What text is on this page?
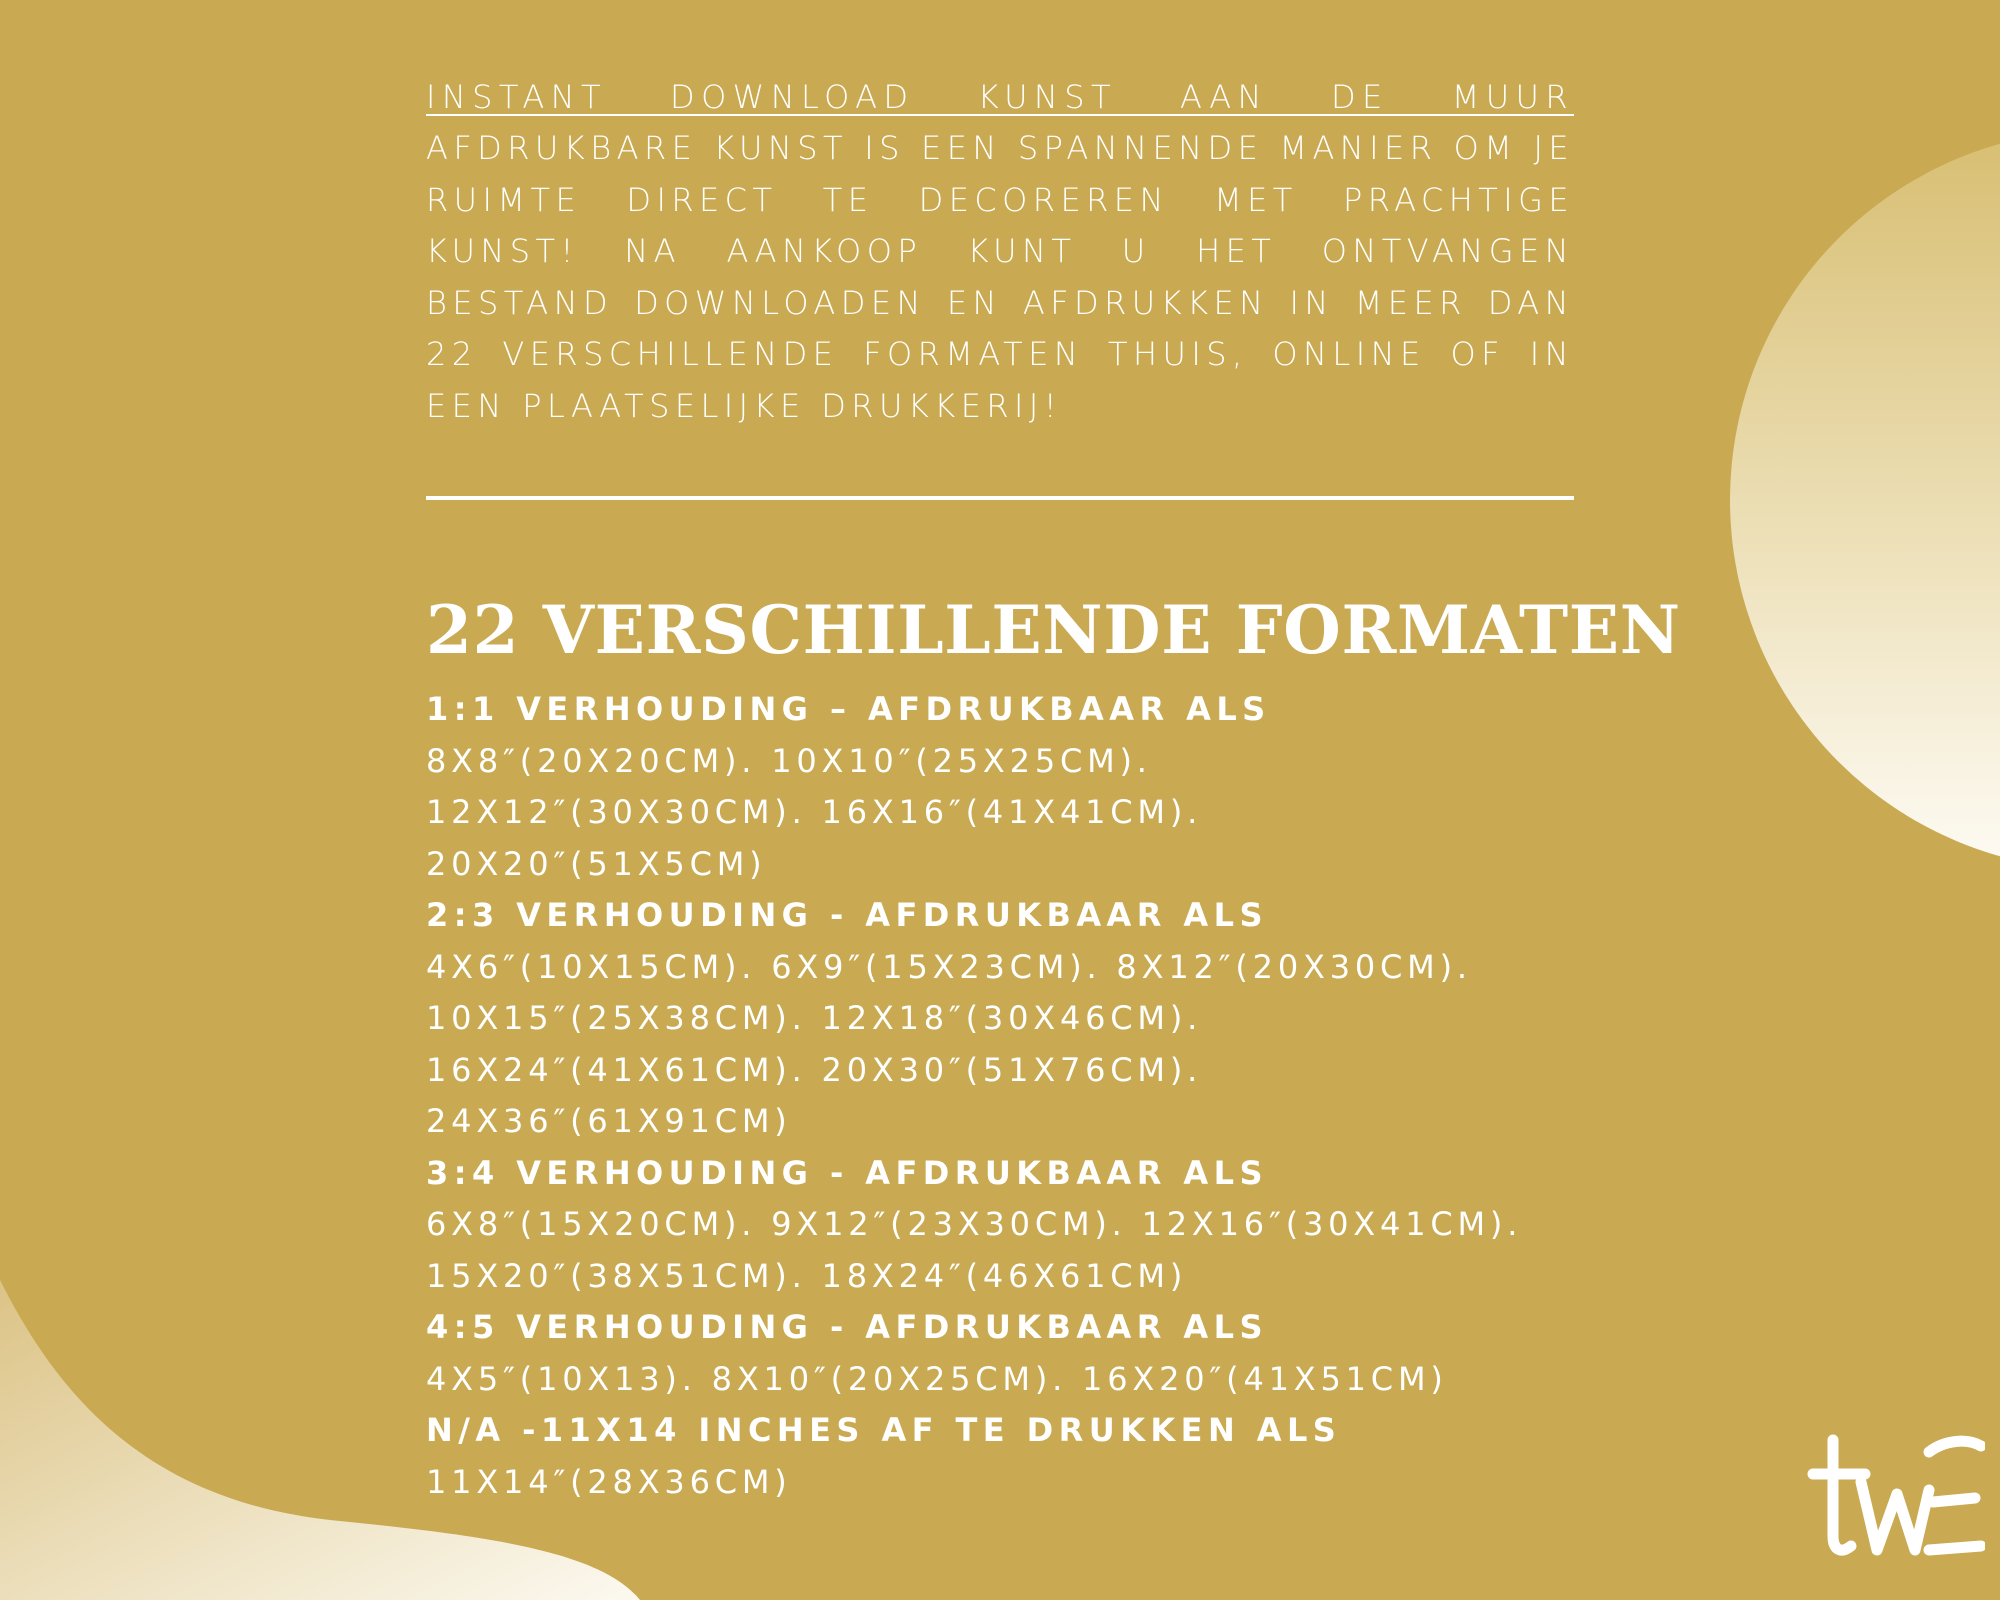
INSTANT DOWNLOAD KUNST AAN DE MUUR
AFDRUKBARE KUNST IS EEN SPANNENDE MANIER OM JE RUIMTE DIRECT TE DECOREREN MET PRACHTIGE KUNST! NA AANKOOP KUNT U HET ONTVANGEN BESTAND DOWNLOADEN EN AFDRUKKEN IN MEER DAN 22 VERSCHILLENDE FORMATEN THUIS, ONLINE OF IN EEN PLAATSELIJKE DRUKKERIJ!
22 VERSCHILLENDE FORMATEN
1:1 VERHOUDING – AFDRUKBAAR ALS
8X8″(20X20CM). 10X10″(25X25CM).
12X12″(30X30CM). 16X16″(41X41CM).
20X20″(51X5CM)
2:3 VERHOUDING - AFDRUKBAAR ALS
4X6″(10X15CM). 6X9″(15X23CM). 8X12″(20X30CM).
10X15″(25X38CM). 12X18″(30X46CM).
16X24″(41X61CM). 20X30″(51X76CM).
24X36″(61X91CM)
3:4 VERHOUDING - AFDRUKBAAR ALS
6X8″(15X20CM). 9X12″(23X30CM). 12X16″(30X41CM).
15X20″(38X51CM). 18X24″(46X61CM)
4:5 VERHOUDING - AFDRUKBAAR ALS
4X5″(10X13). 8X10″(20X25CM). 16X20″(41X51CM)
N/A -11X14 INCHES AF TE DRUKKEN ALS
11X14″(28X36CM)
